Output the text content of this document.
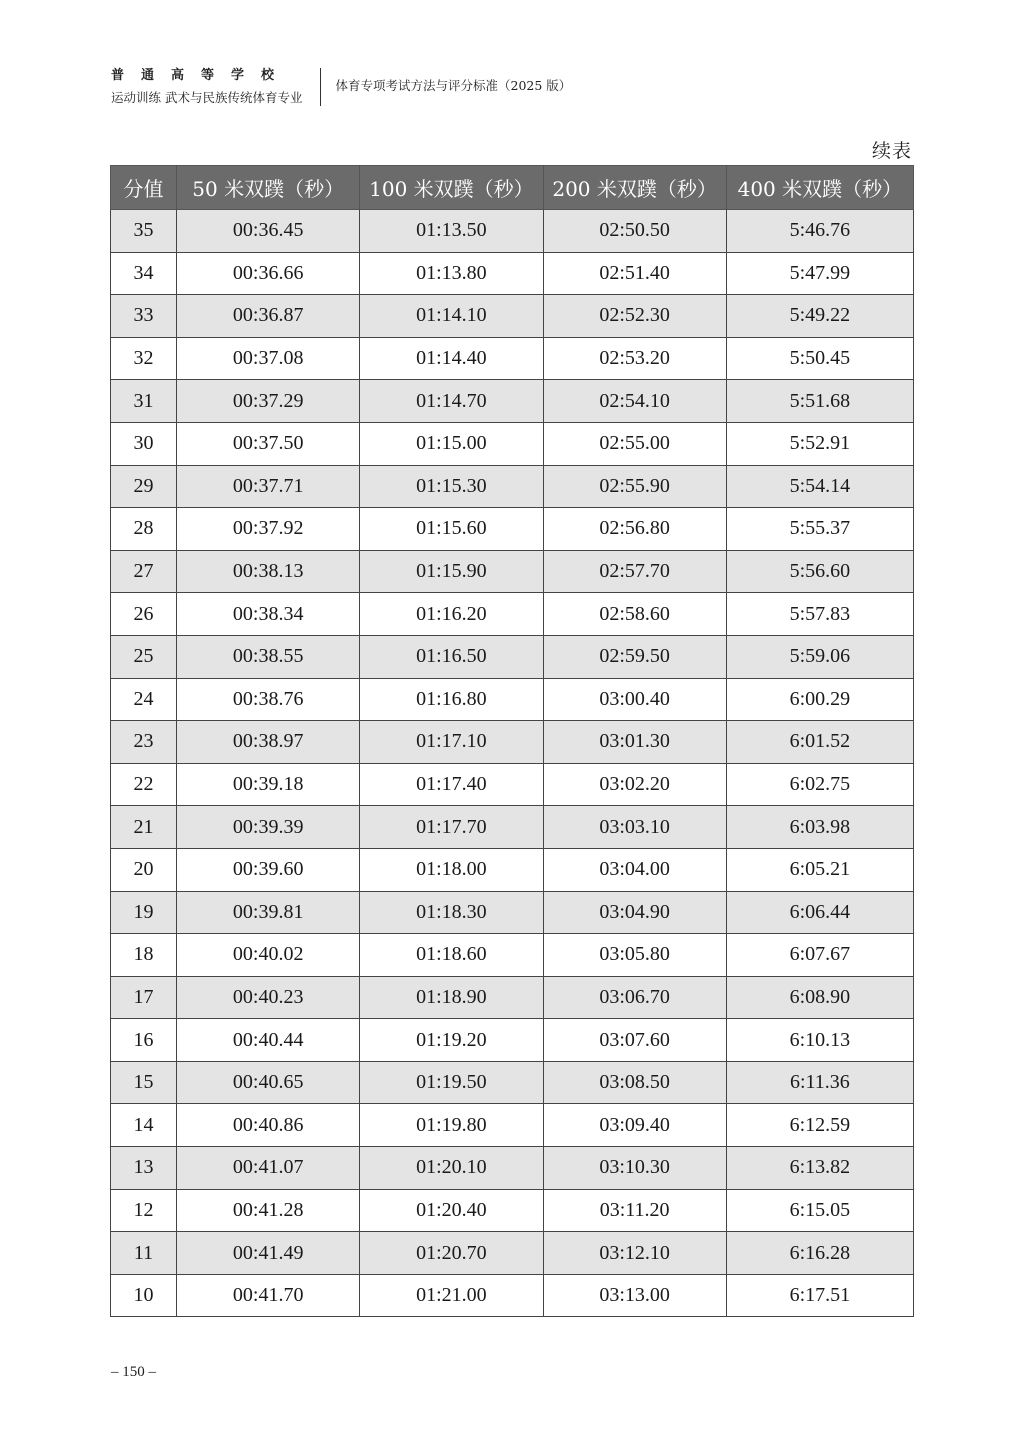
普通高等学校
运动训练 武术与民族传统体育专业
体育专项考试方法与评分标准（2025 版）
续表
分值	50 米双蹼（秒）	100 米双蹼（秒）	200 米双蹼（秒）	400 米双蹼（秒）
35	00:36.45	01:13.50	02:50.50	5:46.76
34	00:36.66	01:13.80	02:51.40	5:47.99
33	00:36.87	01:14.10	02:52.30	5:49.22
32	00:37.08	01:14.40	02:53.20	5:50.45
31	00:37.29	01:14.70	02:54.10	5:51.68
30	00:37.50	01:15.00	02:55.00	5:52.91
29	00:37.71	01:15.30	02:55.90	5:54.14
28	00:37.92	01:15.60	02:56.80	5:55.37
27	00:38.13	01:15.90	02:57.70	5:56.60
26	00:38.34	01:16.20	02:58.60	5:57.83
25	00:38.55	01:16.50	02:59.50	5:59.06
24	00:38.76	01:16.80	03:00.40	6:00.29
23	00:38.97	01:17.10	03:01.30	6:01.52
22	00:39.18	01:17.40	03:02.20	6:02.75
21	00:39.39	01:17.70	03:03.10	6:03.98
20	00:39.60	01:18.00	03:04.00	6:05.21
19	00:39.81	01:18.30	03:04.90	6:06.44
18	00:40.02	01:18.60	03:05.80	6:07.67
17	00:40.23	01:18.90	03:06.70	6:08.90
16	00:40.44	01:19.20	03:07.60	6:10.13
15	00:40.65	01:19.50	03:08.50	6:11.36
14	00:40.86	01:19.80	03:09.40	6:12.59
13	00:41.07	01:20.10	03:10.30	6:13.82
12	00:41.28	01:20.40	03:11.20	6:15.05
11	00:41.49	01:20.70	03:12.10	6:16.28
10	00:41.70	01:21.00	03:13.00	6:17.51
– 150 –
